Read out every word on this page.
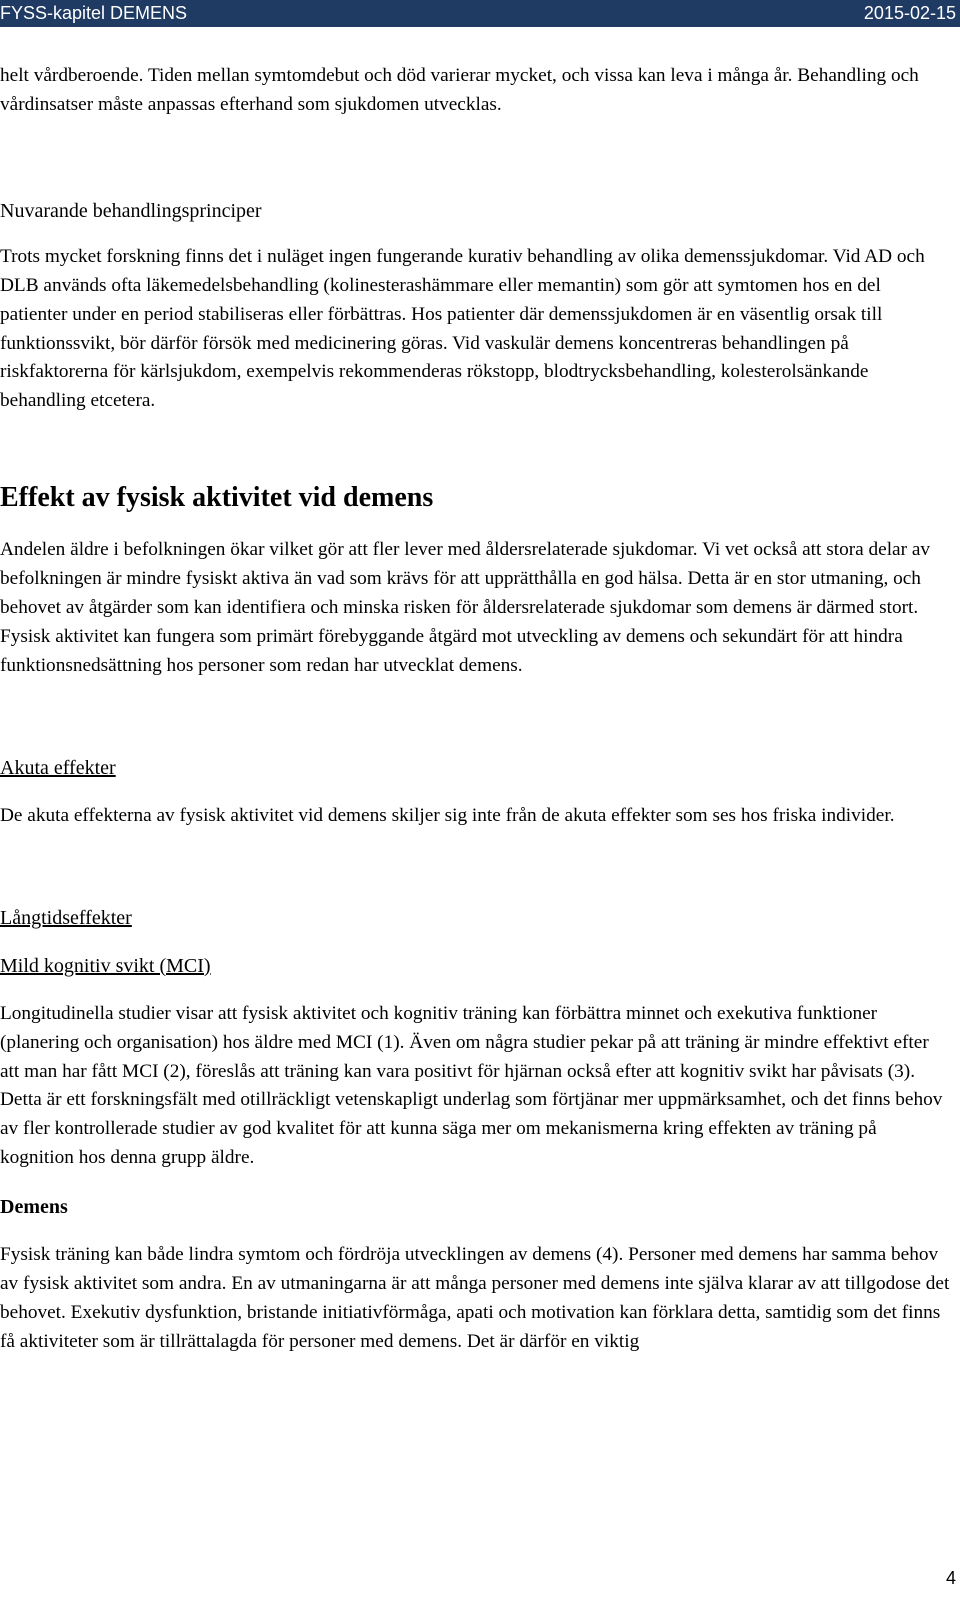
FYSS-kapitel DEMENS	2015-02-15

helt vårdberoende. Tiden mellan symtomdebut och död varierar mycket, och vissa kan leva i många år. Behandling och vårdinsatser måste anpassas efterhand som sjukdomen utvecklas.

Nuvarande behandlingsprinciper

Trots mycket forskning finns det i nuläget ingen fungerande kurativ behandling av olika demenssjukdomar. Vid AD och DLB används ofta läkemedelsbehandling (kolinesterashämmare eller memantin) som gör att symtomen hos en del patienter under en period stabiliseras eller förbättras. Hos patienter där demenssjukdomen är en väsentlig orsak till funktionssvikt, bör därför försök med medicinering göras. Vid vaskulär demens koncentreras behandlingen på riskfaktorerna för kärlsjukdom, exempelvis rekommenderas rökstopp, blodtrycksbehandling, kolesterolsänkande behandling etcetera.

Effekt av fysisk aktivitet vid demens

Andelen äldre i befolkningen ökar vilket gör att fler lever med åldersrelaterade sjukdomar. Vi vet också att stora delar av befolkningen är mindre fysiskt aktiva än vad som krävs för att upprätthålla en god hälsa. Detta är en stor utmaning, och behovet av åtgärder som kan identifiera och minska risken för åldersrelaterade sjukdomar som demens är därmed stort. Fysisk aktivitet kan fungera som primärt förebyggande åtgärd mot utveckling av demens och sekundärt för att hindra funktionsnedsättning hos personer som redan har utvecklat demens.

Akuta effekter

De akuta effekterna av fysisk aktivitet vid demens skiljer sig inte från de akuta effekter som ses hos friska individer.

Långtidseffekter

Mild kognitiv svikt (MCI)

Longitudinella studier visar att fysisk aktivitet och kognitiv träning kan förbättra minnet och exekutiva funktioner (planering och organisation) hos äldre med MCI (1). Även om några studier pekar på att träning är mindre effektivt efter att man har fått MCI (2), föreslås att träning kan vara positivt för hjärnan också efter att kognitiv svikt har påvisats (3). Detta är ett forskningsfält med otillräckligt vetenskapligt underlag som förtjänar mer uppmärksamhet, och det finns behov av fler kontrollerade studier av god kvalitet för att kunna säga mer om mekanismerna kring effekten av träning på kognition hos denna grupp äldre.

Demens

Fysisk träning kan både lindra symtom och fördröja utvecklingen av demens (4). Personer med demens har samma behov av fysisk aktivitet som andra. En av utmaningarna är att många personer med demens inte själva klarar av att tillgodose det behovet. Exekutiv dysfunktion, bristande initiativförmåga, apati och motivation kan förklara detta, samtidig som det finns få aktiviteter som är tillrättalagda för personer med demens. Det är därför en viktig

4
